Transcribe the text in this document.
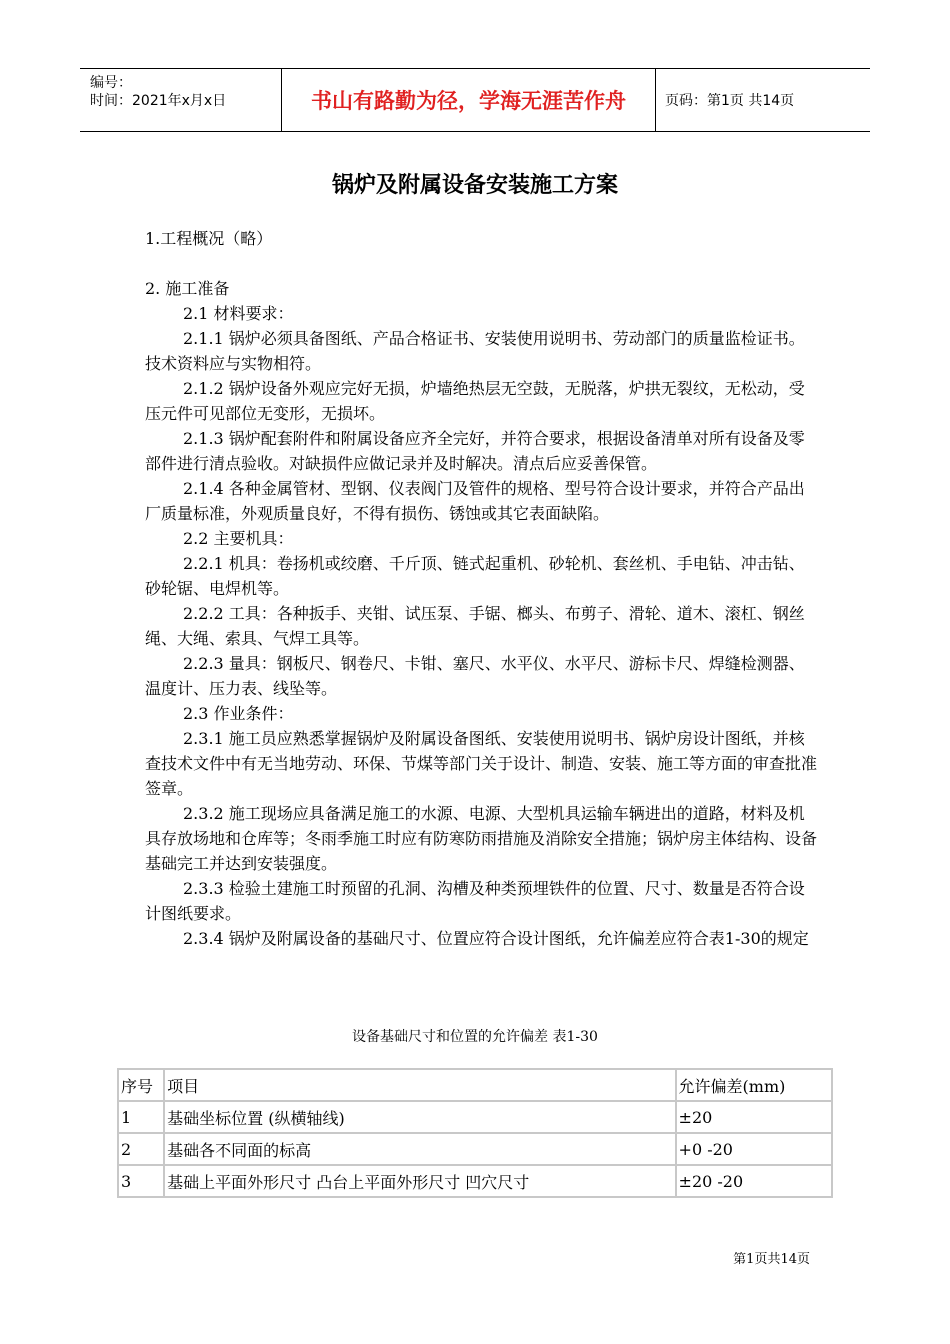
编号：
时间：2021年x月x日	书山有路勤为径，学海无涯苦作舟	页码：第1页 共14页
锅炉及附属设备安装施工方案

1.工程概况（略）

2. 施工准备

2.1 材料要求：

2.1.1 锅炉必须具备图纸、产品合格证书、安装使用说明书、劳动部门的质量监检证书。技术资料应与实物相符。

2.1.2 锅炉设备外观应完好无损，炉墙绝热层无空鼓，无脱落，炉拱无裂纹，无松动，受压元件可见部位无变形，无损坏。

2.1.3 锅炉配套附件和附属设备应齐全完好，并符合要求，根据设备清单对所有设备及零部件进行清点验收。对缺损件应做记录并及时解决。清点后应妥善保管。

2.1.4 各种金属管材、型钢、仪表阀门及管件的规格、型号符合设计要求，并符合产品出厂质量标准，外观质量良好，不得有损伤、锈蚀或其它表面缺陷。

2.2 主要机具：

2.2.1 机具：卷扬机或绞磨、千斤顶、链式起重机、砂轮机、套丝机、手电钻、冲击钻、砂轮锯、电焊机等。

2.2.2 工具：各种扳手、夹钳、试压泵、手锯、榔头、布剪子、滑轮、道木、滚杠、钢丝绳、大绳、索具、气焊工具等。

2.2.3 量具：钢板尺、钢卷尺、卡钳、塞尺、水平仪、水平尺、游标卡尺、焊缝检测器、温度计、压力表、线坠等。

2.3 作业条件：

2.3.1 施工员应熟悉掌握锅炉及附属设备图纸、安装使用说明书、锅炉房设计图纸，并核查技术文件中有无当地劳动、环保、节煤等部门关于设计、制造、安装、施工等方面的审查批准签章。

2.3.2 施工现场应具备满足施工的水源、电源、大型机具运输车辆进出的道路，材料及机具存放场地和仓库等；冬雨季施工时应有防寒防雨措施及消除安全措施；锅炉房主体结构、设备基础完工并达到安装强度。

2.3.3 检验土建施工时预留的孔洞、沟槽及种类预埋铁件的位置、尺寸、数量是否符合设计图纸要求。

2.3.4 锅炉及附属设备的基础尺寸、位置应符合设计图纸，允许偏差应符合表1-30的规定

设备基础尺寸和位置的允许偏差 表1-30
序号	项目	允许偏差(mm)
1	基础坐标位置 (纵横轴线)	±20
2	基础各不同面的标高	+0 -20
3	基础上平面外形尺寸 凸台上平面外形尺寸 凹穴尺寸	±20 -20
第1页共14页
